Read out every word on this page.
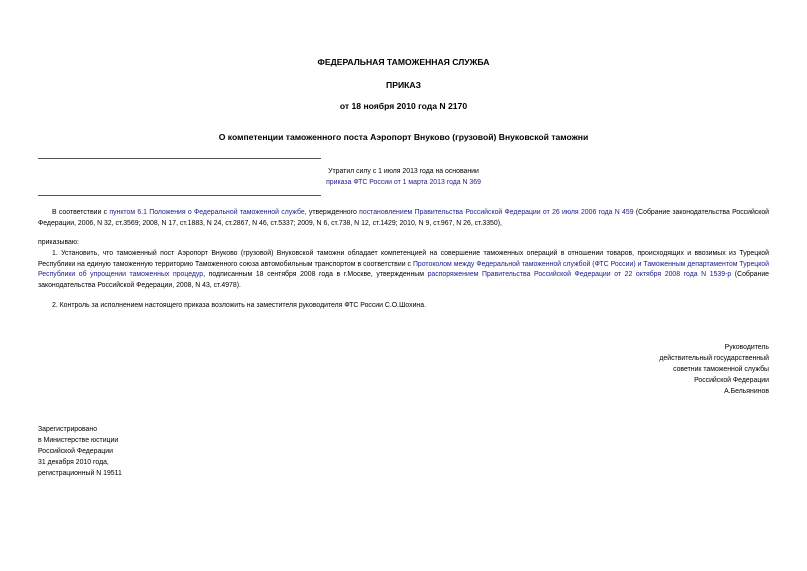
ФЕДЕРАЛЬНАЯ ТАМОЖЕННАЯ СЛУЖБА
ПРИКАЗ
от 18 ноября 2010 года N 2170
О компетенции таможенного поста Аэропорт Внуково (грузовой) Внуковской таможни
Утратил силу с 1 июля 2013 года на основании
приказа ФТС России от 1 марта 2013 года N 369
В соответствии с пунктом 6.1 Положения о Федеральной таможенной службе, утвержденного постановлением Правительства Российской Федерации от 26 июля 2006 года N 459 (Собрание законодательства Российской Федерации, 2006, N 32, ст.3569; 2008, N 17, ст.1883, N 24, ст.2867, N 46, ст.5337; 2009, N 6, ст.738, N 12, ст.1429; 2010, N 9, ст.967, N 26, ст.3350),
приказываю:
1. Установить, что таможенный пост Аэропорт Внуково (грузовой) Внуковской таможни обладает компетенцией на совершение таможенных операций в отношении товаров, происходящих и ввозимых из Турецкой Республики на единую таможенную территорию Таможенного союза автомобильным транспортом в соответствии с Протоколом между Федеральной таможенной службой (ФТС России) и Таможенным департаментом Турецкой Республики об упрощении таможенных процедур, подписанным 18 сентября 2008 года в г.Москве, утвержденным распоряжением Правительства Российской Федерации от 22 октября 2008 года N 1539-р (Собрание законодательства Российской Федерации, 2008, N 43, ст.4978).
2. Контроль за исполнением настоящего приказа возложить на заместителя руководителя ФТС России С.О.Шохина.
Руководитель
действительный государственный
советник таможенной службы
Российской Федерации
А.Бельянинов
Зарегистрировано
в Министерстве юстиции
Российской Федерации
31 декабря 2010 года,
регистрационный N 19511
